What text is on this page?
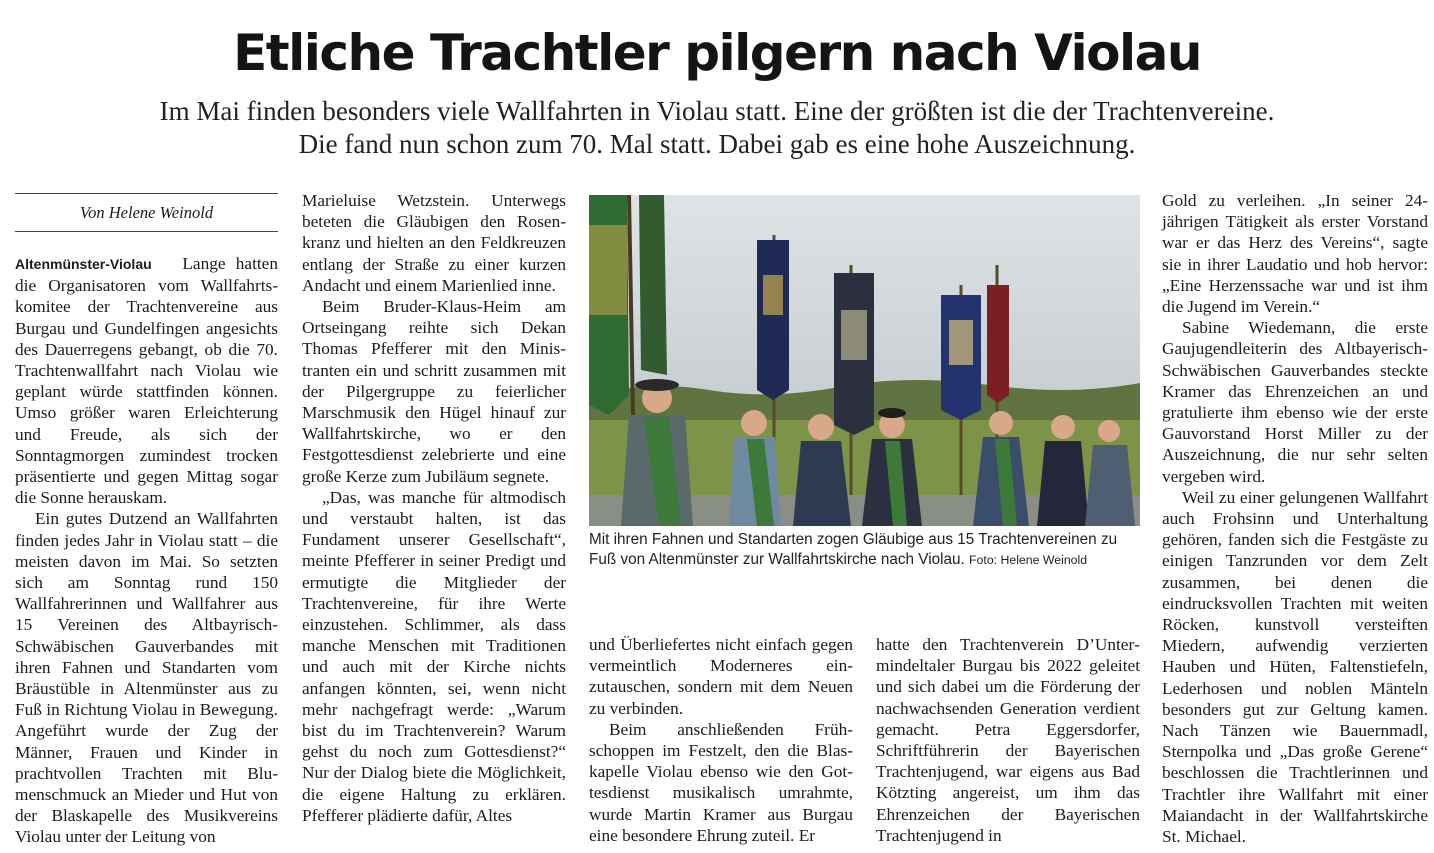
Etliche Trachtler pilgern nach Violau
Im Mai finden besonders viele Wallfahrten in Violau statt. Eine der größten ist die der Trachtenvereine.
Die fand nun schon zum 70. Mal statt. Dabei gab es eine hohe Auszeichnung.
Von Helene Weinold

Altenmünster-Violau Lange hatten die Organisatoren vom Wallfahrtskomitee der Trachtenvereine aus Burgau und Gundelfingen angesichts des Dauerregens gebangt, ob die 70. Trachtenwallfahrt nach Violau wie geplant würde stattfinden können. Umso größer waren Erleichterung und Freude, als sich der Sonntagmorgen zumindest trocken präsentierte und gegen Mittag sogar die Sonne herauskam.

Ein gutes Dutzend an Wallfahrten finden jedes Jahr in Violau statt – die meisten davon im Mai. So setzten sich am Sonntag rund 150 Wallfahrerinnen und Wallfahrer aus 15 Vereinen des Altbayrisch-Schwäbischen Gauverbandes mit ihren Fahnen und Standarten vom Bräustüble in Altenmünster aus zu Fuß in Richtung Violau in Bewegung. Angeführt wurde der Zug der Männer, Frauen und Kinder in prachtvollen Trachten mit Blumenschmuck an Mieder und Hut von der Blaskapelle des Musikvereins Violau unter der Leitung von

Marieluise Wetzstein. Unterwegs beteten die Gläubigen den Rosenkranz und hielten an den Feldkreuzen entlang der Straße zu einer kurzen Andacht und einem Marienlied inne.

Beim Bruder-Klaus-Heim am Ortseingang reihte sich Dekan Thomas Pfefferer mit den Ministranten ein und schritt zusammen mit der Pilgergruppe zu feierlicher Marschmusik den Hügel hinauf zur Wallfahrtskirche, wo er den Festgottesdienst zelebrierte und eine große Kerze zum Jubiläum segnete.

„Das, was manche für altmodisch und verstaubt halten, ist das Fundament unserer Gesellschaft“, meinte Pfefferer in seiner Predigt und ermutigte die Mitglieder der Trachtenvereine, für ihre Werte einzustehen. Schlimmer, als dass manche Menschen mit Traditionen und auch mit der Kirche nichts anfangen könnten, sei, wenn nicht mehr nachgefragt werde: „Warum bist du im Trachtenverein? Warum gehst du noch zum Gottesdienst?“ Nur der Dialog biete die Möglichkeit, die eigene Haltung zu erklären. Pfefferer plädierte dafür, Altes

Mit ihren Fahnen und Standarten zogen Gläubige aus 15 Trachtenvereinen zu Fuß von Altenmünster zur Wallfahrtskirche nach Violau. Foto: Helene Weinold

und Überliefertes nicht einfach gegen vermeintlich Moderneres einzutauschen, sondern mit dem Neuen zu verbinden.

Beim anschließenden Frühschoppen im Festzelt, den die Blaskapelle Violau ebenso wie den Gottesdienst musikalisch umrahmte, wurde Martin Kramer aus Burgau eine besondere Ehrung zuteil. Er

hatte den Trachtenverein D’Untermindeltaler Burgau bis 2022 geleitet und sich dabei um die Förderung der nachwachsenden Generation verdient gemacht. Petra Eggersdorfer, Schriftführerin der Bayerischen Trachtenjugend, war eigens aus Bad Kötzting angereist, um ihm das Ehrenzeichen der Bayerischen Trachtenjugend in

Gold zu verleihen. „In seiner 24-jährigen Tätigkeit als erster Vorstand war er das Herz des Vereins“, sagte sie in ihrer Laudatio und hob hervor: „Eine Herzenssache war und ist ihm die Jugend im Verein.“

Sabine Wiedemann, die erste Gaujugendleiterin des Altbayerisch-Schwäbischen Gauverbandes steckte Kramer das Ehrenzeichen an und gratulierte ihm ebenso wie der erste Gauvorstand Horst Miller zu der Auszeichnung, die nur sehr selten vergeben wird.

Weil zu einer gelungenen Wallfahrt auch Frohsinn und Unterhaltung gehören, fanden sich die Festgäste zu einigen Tanzrunden vor dem Zelt zusammen, bei denen die eindrucksvollen Trachten mit weiten Röcken, kunstvoll versteiften Miedern, aufwendig verzierten Hauben und Hüten, Faltenstiefeln, Lederhosen und noblen Mänteln besonders gut zur Geltung kamen. Nach Tänzen wie Bauernmadl, Sternpolka und „Das große Gerene“ beschlossen die Trachtlerinnen und Trachtler ihre Wallfahrt mit einer Maiandacht in der Wallfahrtskirche St. Michael.
